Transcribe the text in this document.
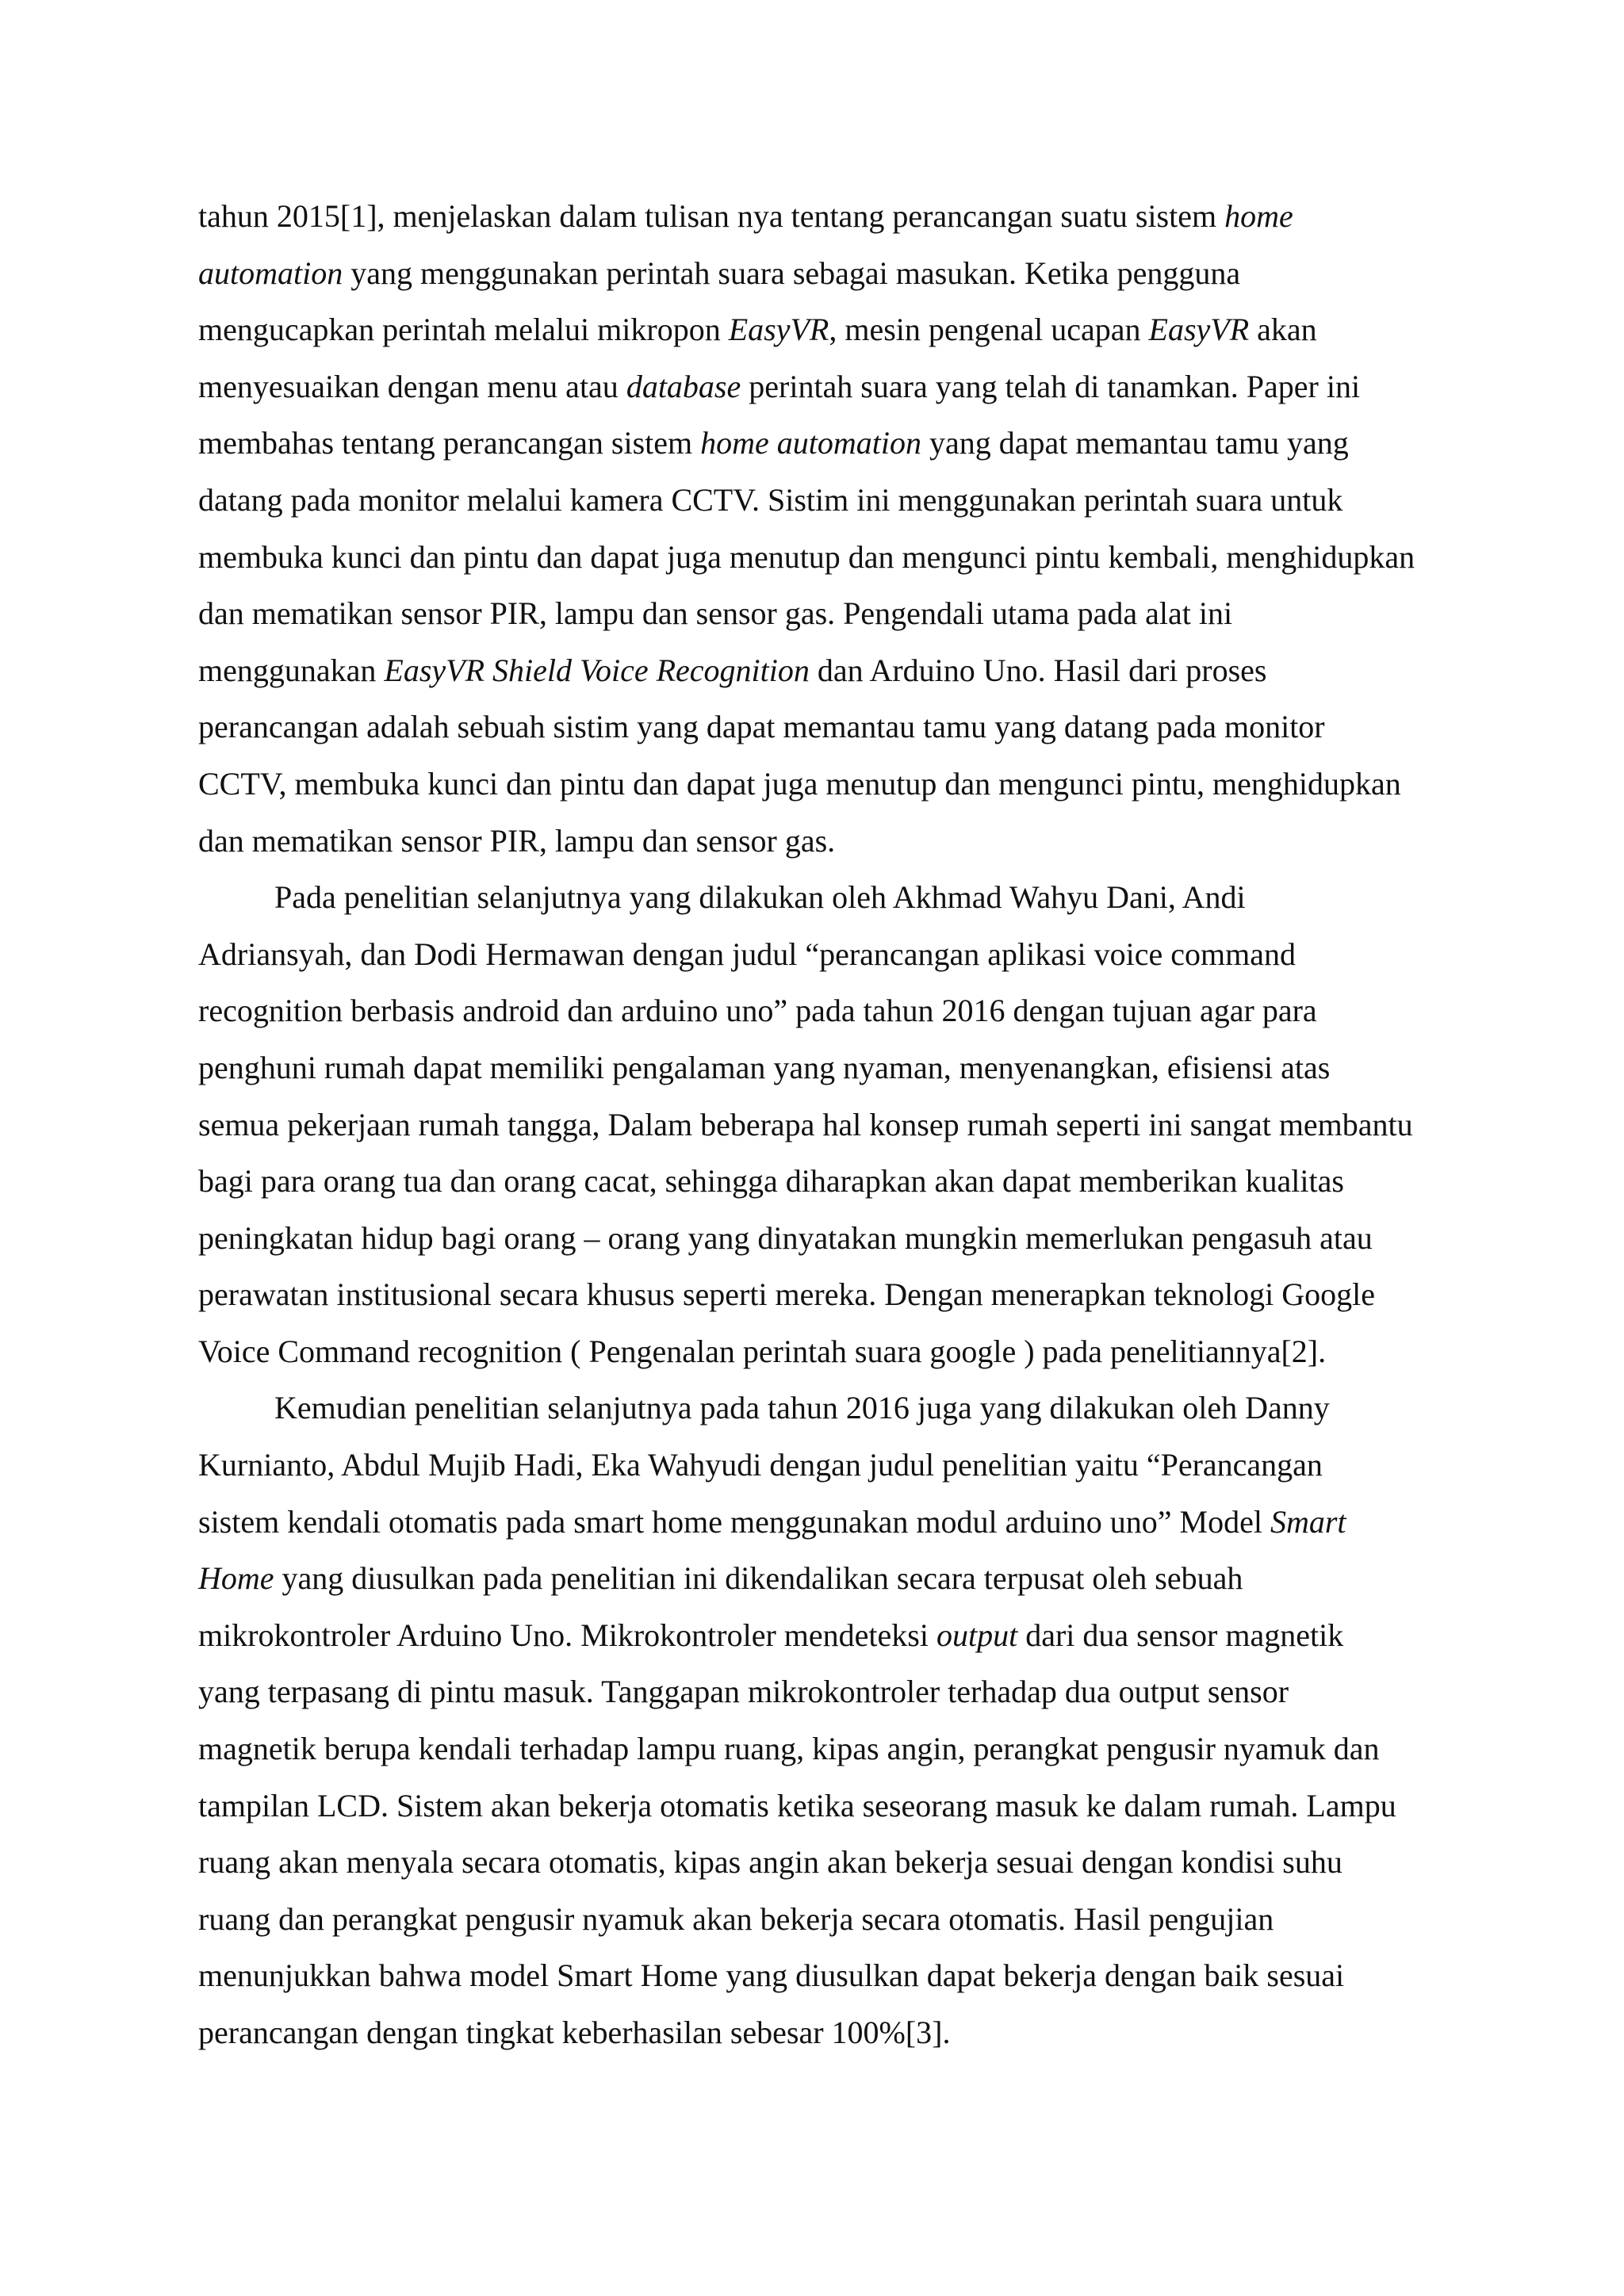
tahun 2015[1], menjelaskan dalam tulisan nya tentang perancangan suatu sistem home
automation yang menggunakan perintah suara sebagai masukan. Ketika pengguna
mengucapkan perintah melalui mikropon EasyVR, mesin pengenal ucapan EasyVR akan
menyesuaikan dengan menu atau database perintah suara yang telah di tanamkan. Paper ini
membahas tentang perancangan sistem home automation yang dapat memantau tamu yang
datang pada monitor melalui kamera CCTV. Sistim ini menggunakan perintah suara untuk
membuka kunci dan pintu dan dapat juga menutup dan mengunci pintu kembali, menghidupkan
dan mematikan sensor PIR, lampu dan sensor gas. Pengendali utama pada alat ini
menggunakan EasyVR Shield Voice Recognition dan Arduino Uno. Hasil dari proses
perancangan adalah sebuah sistim yang dapat memantau tamu yang datang pada monitor
CCTV, membuka kunci dan pintu dan dapat juga menutup dan mengunci pintu, menghidupkan
dan mematikan sensor PIR, lampu dan sensor gas.
Pada penelitian selanjutnya yang dilakukan oleh Akhmad Wahyu Dani, Andi
Adriansyah, dan Dodi Hermawan dengan judul “perancangan aplikasi voice command
recognition berbasis android dan arduino uno” pada tahun 2016 dengan tujuan agar para
penghuni rumah dapat memiliki pengalaman yang nyaman, menyenangkan, efisiensi atas
semua pekerjaan rumah tangga, Dalam beberapa hal konsep rumah seperti ini sangat membantu
bagi para orang tua dan orang cacat, sehingga diharapkan akan dapat memberikan kualitas
peningkatan hidup bagi orang – orang yang dinyatakan mungkin memerlukan pengasuh atau
perawatan institusional secara khusus seperti mereka. Dengan menerapkan teknologi Google
Voice Command recognition ( Pengenalan perintah suara google ) pada penelitiannya[2].
Kemudian penelitian selanjutnya pada tahun 2016 juga yang dilakukan oleh Danny
Kurnianto, Abdul Mujib Hadi, Eka Wahyudi dengan judul penelitian yaitu “Perancangan
sistem kendali otomatis pada smart home menggunakan modul arduino uno” Model Smart
Home yang diusulkan pada penelitian ini dikendalikan secara terpusat oleh sebuah
mikrokontroler Arduino Uno. Mikrokontroler mendeteksi output dari dua sensor magnetik
yang terpasang di pintu masuk. Tanggapan mikrokontroler terhadap dua output sensor
magnetik berupa kendali terhadap lampu ruang, kipas angin, perangkat pengusir nyamuk dan
tampilan LCD. Sistem akan bekerja otomatis ketika seseorang masuk ke dalam rumah. Lampu
ruang akan menyala secara otomatis, kipas angin akan bekerja sesuai dengan kondisi suhu
ruang dan perangkat pengusir nyamuk akan bekerja secara otomatis. Hasil pengujian
menunjukkan bahwa model Smart Home yang diusulkan dapat bekerja dengan baik sesuai
perancangan dengan tingkat keberhasilan sebesar 100%[3].
